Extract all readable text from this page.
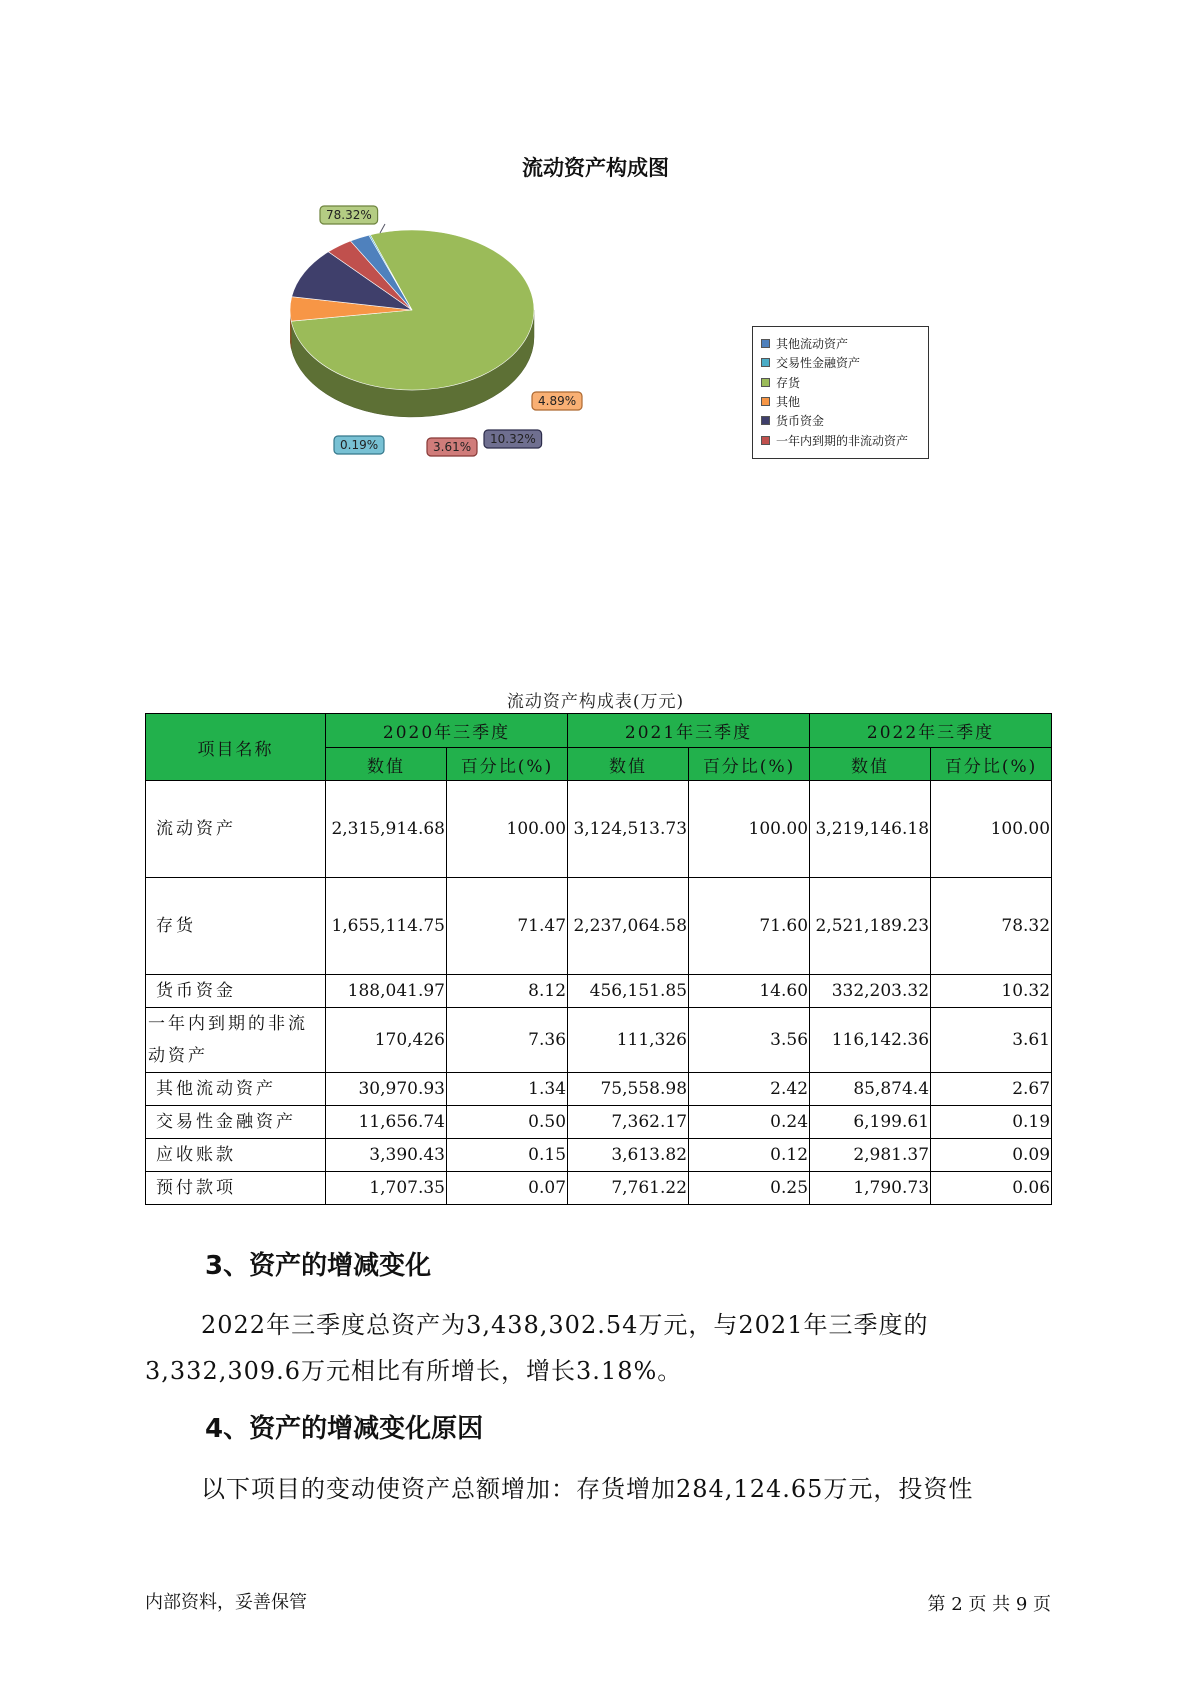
流动资产构成图
0.19%
78.32%
4.89%
10.32%
3.61%
其他流动资产
交易性金融资产
存货
其他
货币资金
一年内到期的非流动资产
流动资产构成表(万元)
项目名称	2020年三季度		2021年三季度		2022年三季度	
	数值	百分比(%)	数值	百分比(%)	数值	百分比(%)
流动资产	2,315,914.68	100.00	3,124,513.73	100.00	3,219,146.18	100.00
存货	1,655,114.75	71.47	2,237,064.58	71.60	2,521,189.23	78.32
货币资金	188,041.97	8.12	456,151.85	14.60	332,203.32	10.32
一年内到期的非流动资产	170,426	7.36	111,326	3.56	116,142.36	3.61
其他流动资产	30,970.93	1.34	75,558.98	2.42	85,874.4	2.67
交易性金融资产	11,656.74	0.50	7,362.17	0.24	6,199.61	0.19
应收账款	3,390.43	0.15	3,613.82	0.12	2,981.37	0.09
预付款项	1,707.35	0.07	7,761.22	0.25	1,790.73	0.06
3、资产的增减变化

2022年三季度总资产为3,438,302.54万元，与2021年三季度的3,332,309.6万元相比有所增长，增长3.18%。

4、资产的增减变化原因

以下项目的变动使资产总额增加：存货增加284,124.65万元，投资性

内部资料，妥善保管	第 2 页 共 9 页
